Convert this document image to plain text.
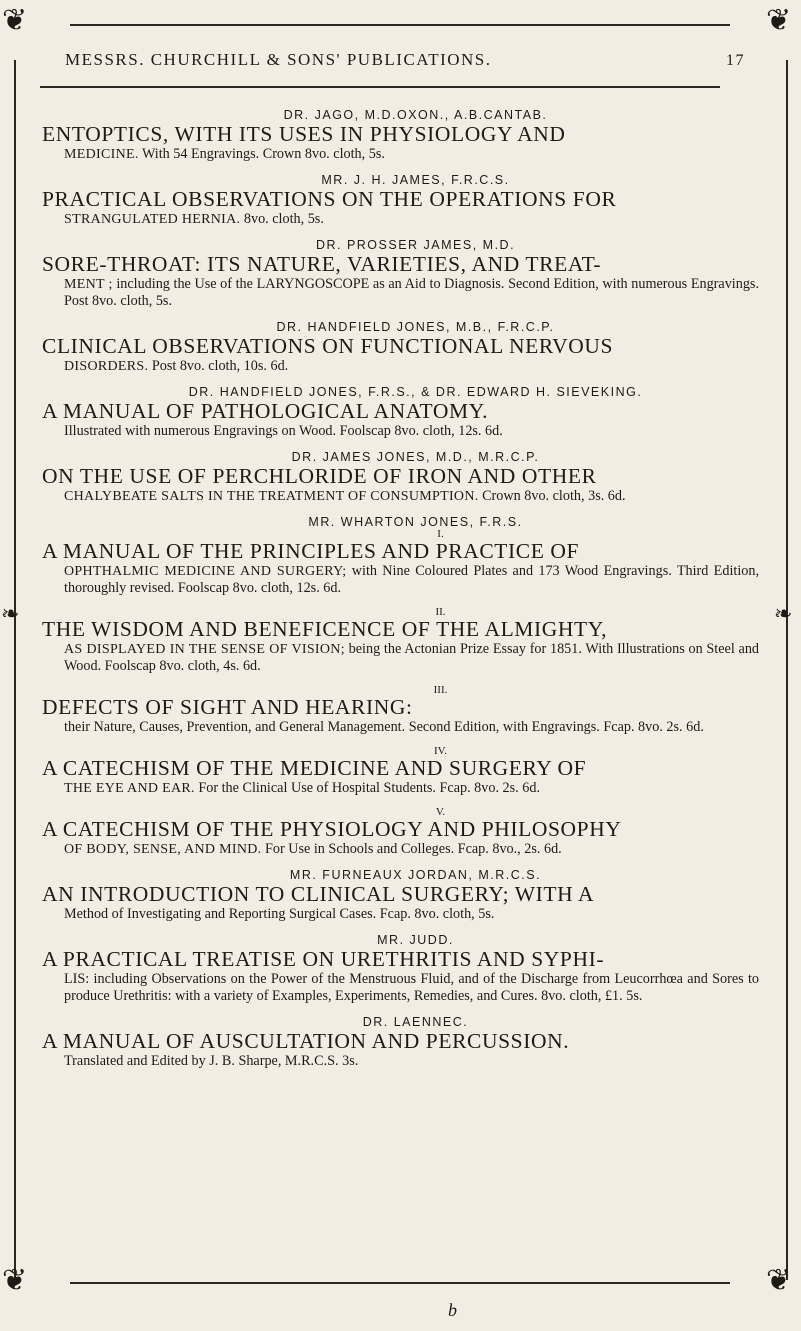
❦	❦
❦	❦
❧	❧
MESSRS. CHURCHILL & SONS' PUBLICATIONS.	17

DR. JAGO, M.D.OXON., A.B.CANTAB.

ENTOPTICS, WITH ITS USES IN PHYSIOLOGY AND
MEDICINE. With 54 Engravings. Crown 8vo. cloth, 5s.

MR. J. H. JAMES, F.R.C.S.

PRACTICAL OBSERVATIONS ON THE OPERATIONS FOR
STRANGULATED HERNIA. 8vo. cloth, 5s.

DR. PROSSER JAMES, M.D.

SORE-THROAT: ITS NATURE, VARIETIES, AND TREAT-
MENT ; including the Use of the LARYNGOSCOPE as an Aid to Diagnosis. Second Edition, with numerous Engravings. Post 8vo. cloth, 5s.

DR. HANDFIELD JONES, M.B., F.R.C.P.

CLINICAL OBSERVATIONS ON FUNCTIONAL NERVOUS
DISORDERS. Post 8vo. cloth, 10s. 6d.

DR. HANDFIELD JONES, F.R.S., & DR. EDWARD H. SIEVEKING.

A MANUAL OF PATHOLOGICAL ANATOMY.
Illustrated with numerous Engravings on Wood. Foolscap 8vo. cloth, 12s. 6d.

DR. JAMES JONES, M.D., M.R.C.P.

ON THE USE OF PERCHLORIDE OF IRON AND OTHER
CHALYBEATE SALTS IN THE TREATMENT OF CONSUMPTION. Crown 8vo. cloth, 3s. 6d.

MR. WHARTON JONES, F.R.S.

I.

A MANUAL OF THE PRINCIPLES AND PRACTICE OF
OPHTHALMIC MEDICINE AND SURGERY; with Nine Coloured Plates and 173 Wood Engravings. Third Edition, thoroughly revised. Foolscap 8vo. cloth, 12s. 6d.

II.

THE WISDOM AND BENEFICENCE OF THE ALMIGHTY,
AS DISPLAYED IN THE SENSE OF VISION; being the Actonian Prize Essay for 1851. With Illustrations on Steel and Wood. Foolscap 8vo. cloth, 4s. 6d.

III.

DEFECTS OF SIGHT AND HEARING:
their Nature, Causes, Prevention, and General Management. Second Edition, with Engravings. Fcap. 8vo. 2s. 6d.

IV.

A CATECHISM OF THE MEDICINE AND SURGERY OF
THE EYE AND EAR. For the Clinical Use of Hospital Students. Fcap. 8vo. 2s. 6d.

V.

A CATECHISM OF THE PHYSIOLOGY AND PHILOSOPHY
OF BODY, SENSE, AND MIND. For Use in Schools and Colleges. Fcap. 8vo., 2s. 6d.

MR. FURNEAUX JORDAN, M.R.C.S.

AN INTRODUCTION TO CLINICAL SURGERY; WITH A
Method of Investigating and Reporting Surgical Cases. Fcap. 8vo. cloth, 5s.

MR. JUDD.

A PRACTICAL TREATISE ON URETHRITIS AND SYPHI-
LIS: including Observations on the Power of the Menstruous Fluid, and of the Discharge from Leucorrhœa and Sores to produce Urethritis: with a variety of Examples, Experiments, Remedies, and Cures. 8vo. cloth, £1. 5s.

DR. LAENNEC.

A MANUAL OF AUSCULTATION AND PERCUSSION.
Translated and Edited by J. B. Sharpe, M.R.C.S. 3s.

b
